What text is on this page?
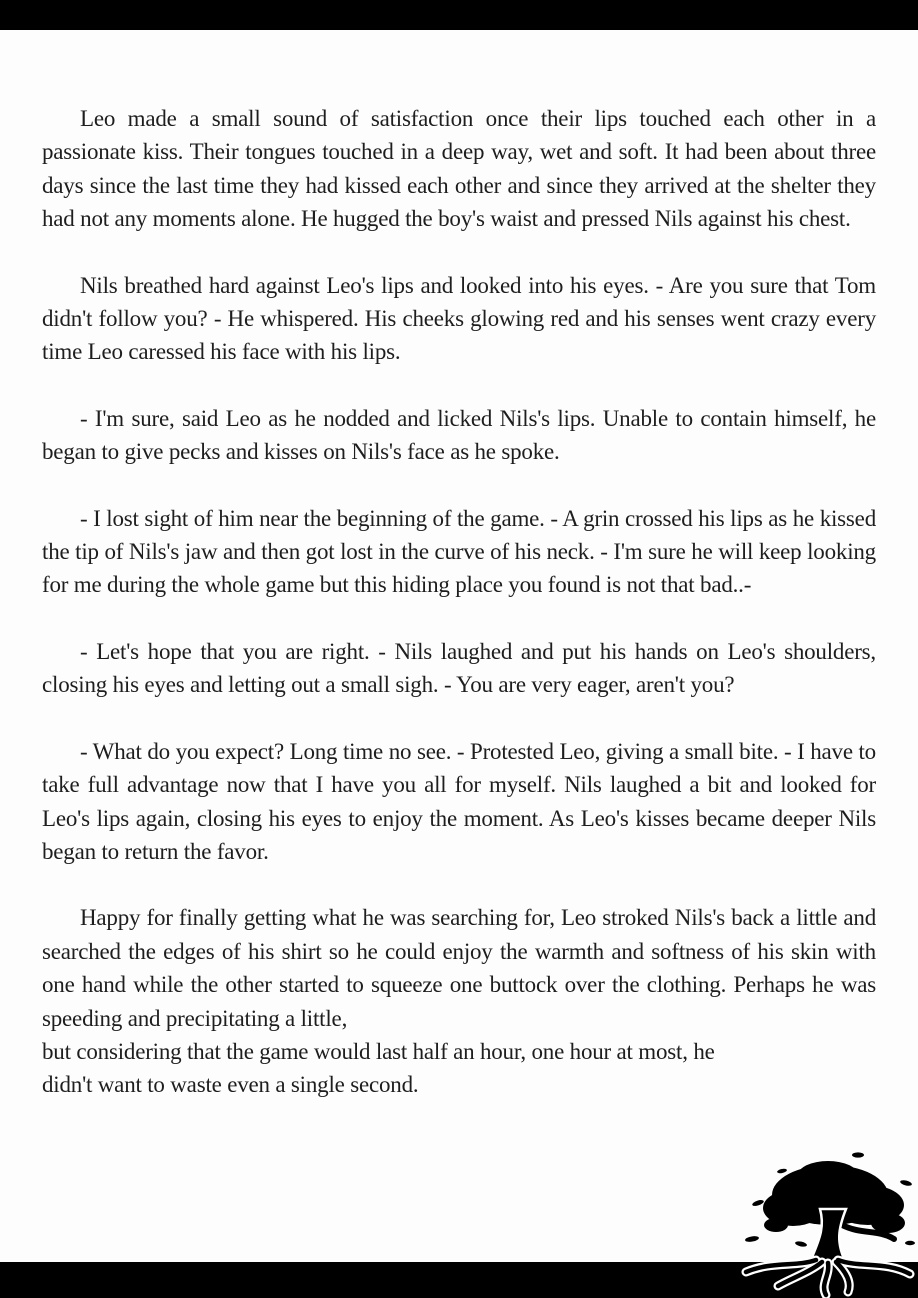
Leo made a small sound of satisfaction once their lips touched each other in a passionate kiss. Their tongues touched in a deep way, wet and soft. It had been about three days since the last time they had kissed each other and since they arrived at the shelter they had not any moments alone. He hugged the boy's waist and pressed Nils against his chest.

Nils breathed hard against Leo's lips and looked into his eyes. - Are you sure that Tom didn't follow you? - He whispered. His cheeks glowing red and his senses went crazy every time Leo caressed his face with his lips.

- I'm sure, said Leo as he nodded and licked Nils's lips. Unable to contain himself, he began to give pecks and kisses on Nils's face as he spoke.

- I lost sight of him near the beginning of the game. - A grin crossed his lips as he kissed the tip of Nils's jaw and then got lost in the curve of his neck. - I'm sure he will keep looking for me during the whole game but this hiding place you found is not that bad..-

- Let's hope that you are right. - Nils laughed and put his hands on Leo's shoulders, closing his eyes and letting out a small sigh. - You are very eager, aren't you?

- What do you expect? Long time no see. - Protested Leo, giving a small bite. - I have to take full advantage now that I have you all for myself. Nils laughed a bit and looked for Leo's lips again, closing his eyes to enjoy the moment. As Leo's kisses became deeper Nils began to return the favor.

Happy for finally getting what he was searching for, Leo stroked Nils's back a little and searched the edges of his shirt so he could enjoy the warmth and softness of his skin with one hand while the other started to squeeze one buttock over the clothing. Perhaps he was speeding and precipitating a little,

but considering that the game would last half an hour, one hour at most, he didn't want to waste even a single second.
